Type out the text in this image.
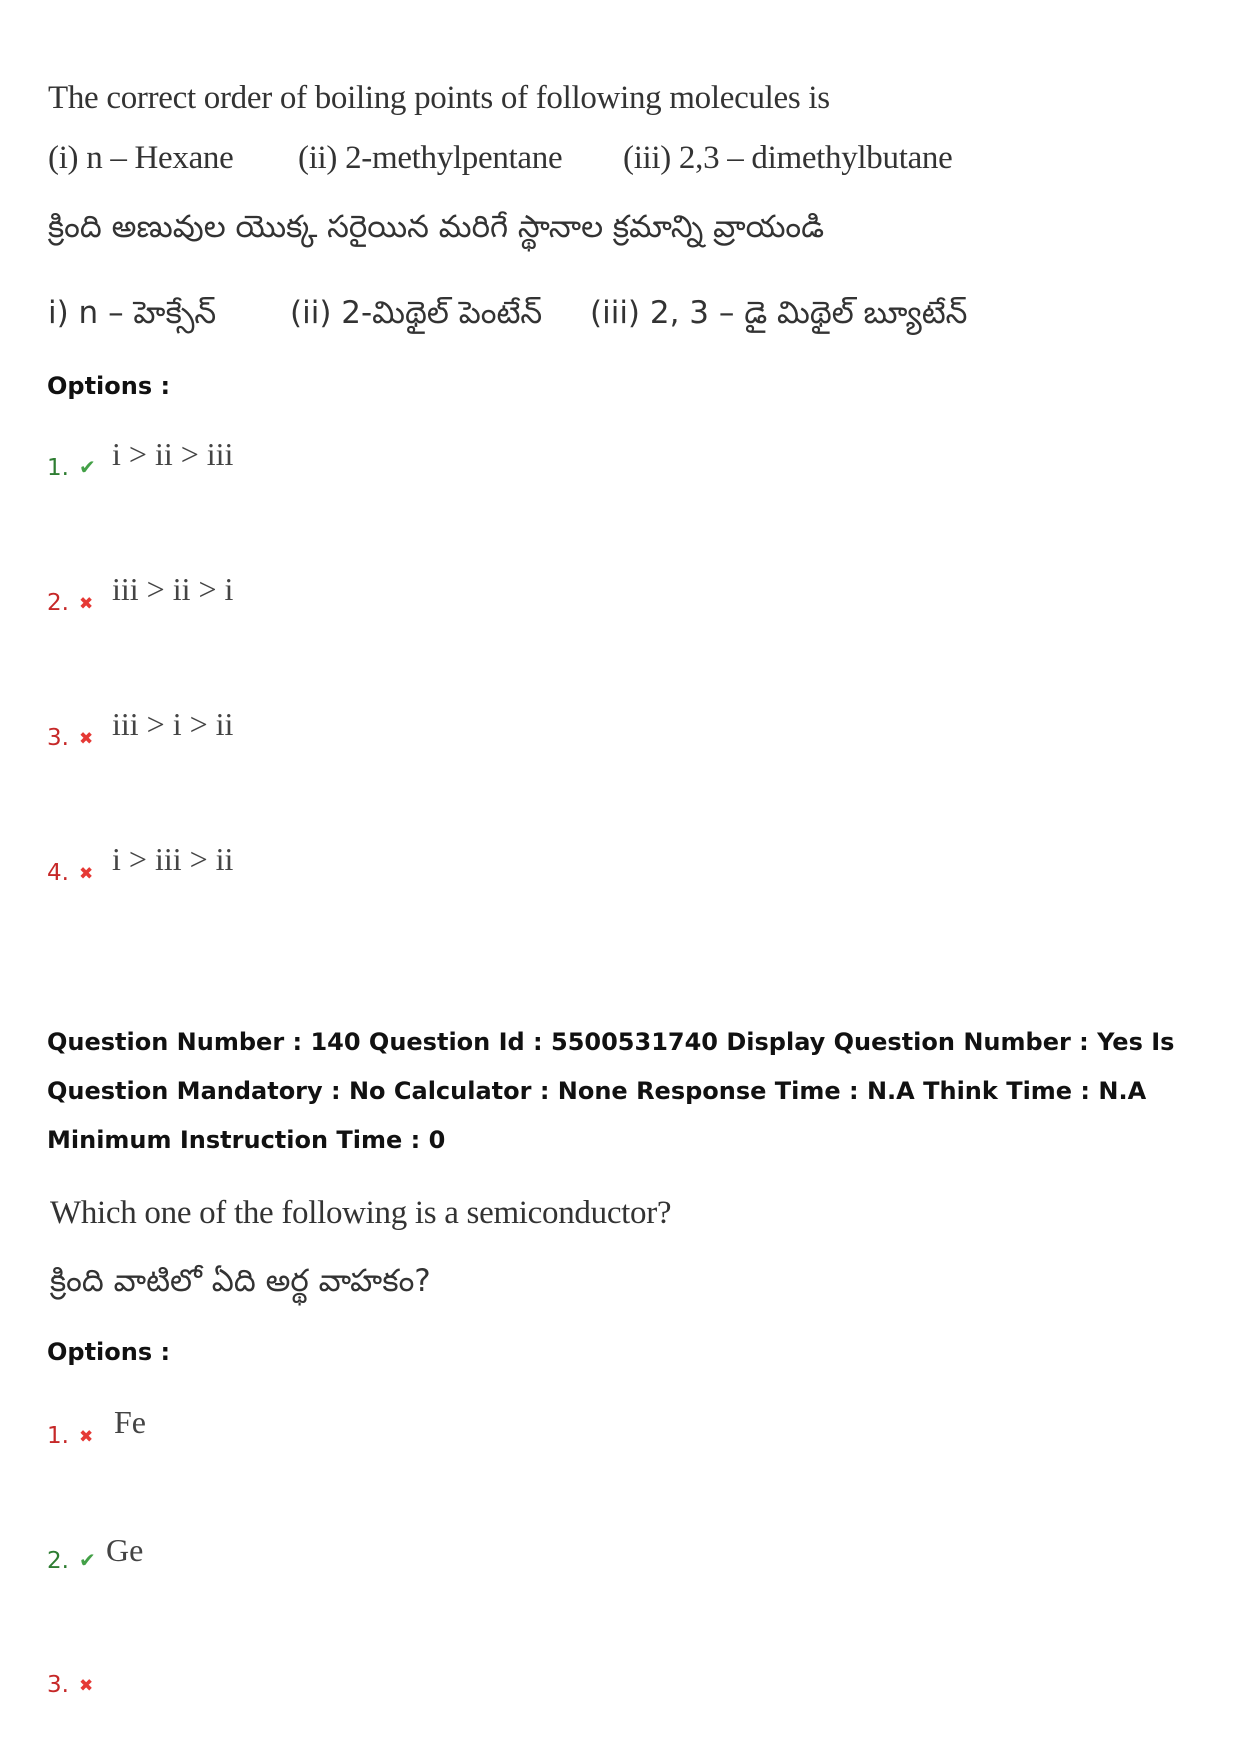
The correct order of boiling points of following molecules is
(i) n – Hexane (ii) 2-methylpentane (iii) 2,3 – dimethylbutane
క్రింది అణువుల యొక్క సరైయిన మరిగే స్థానాల క్రమాన్ని వ్రాయండి
i) n – హెక్సేన్ (ii) 2-మిథైల్ పెంటేన్ (iii) 2, 3 – డై మిథైల్ బ్యూటేన్
Options :
1. ✔ i > ii > iii
2. ✖ iii > ii > i
3. ✖ iii > i > ii
4. ✖ i > iii > ii
Question Number : 140 Question Id : 5500531740 Display Question Number : Yes Is Question Mandatory : No Calculator : None Response Time : N.A Think Time : N.A Minimum Instruction Time : 0
Which one of the following is a semiconductor?
క్రింది వాటిలో ఏది అర్థ వాహకం?
Options :
1. ✖ Fe
2. ✔ Ge
3. ✖
